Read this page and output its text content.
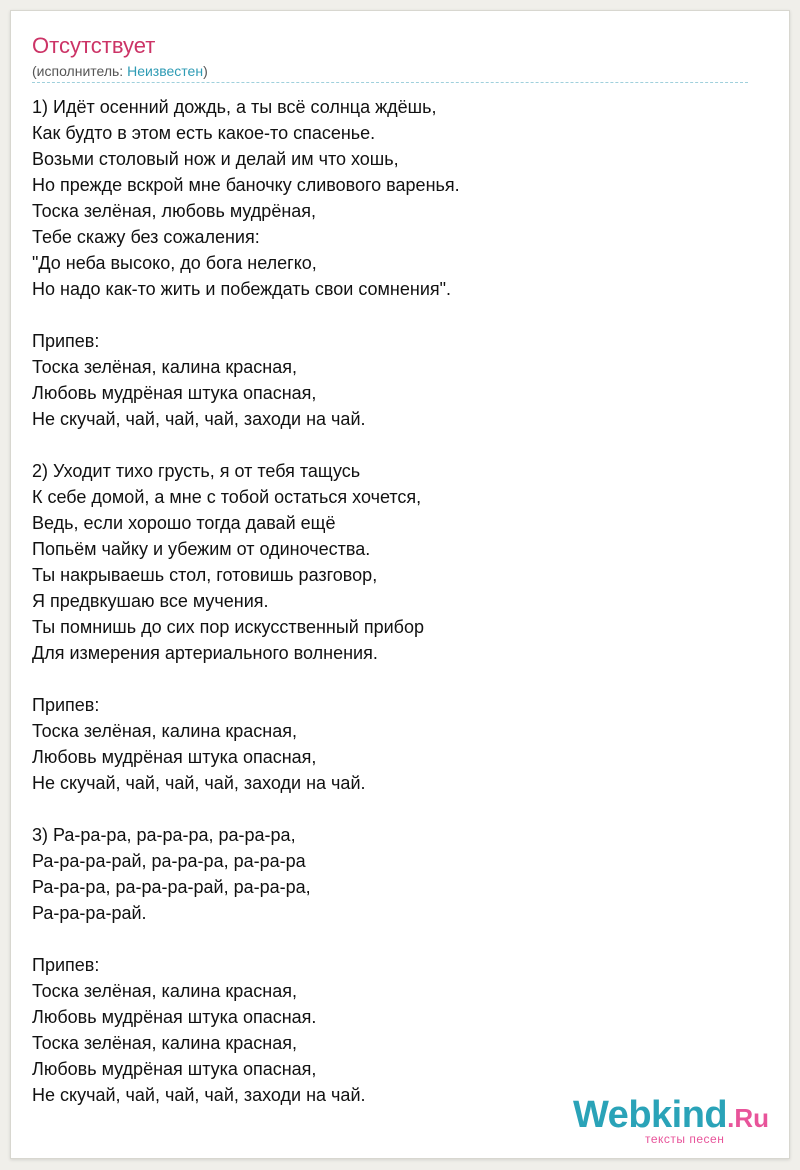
Отсутствует
(исполнитель: Неизвестен)
1) Идёт осенний дождь, а ты всё солнца ждёшь,
Как будто в этом есть какое-то спасенье.
Возьми столовый нож и делай им что хошь,
Но прежде вскрой мне баночку сливового варенья.
Тоска зелёная, любовь мудрёная,
Тебе скажу без сожаления:
"До неба высоко, до бога нелегко,
Но надо как-то жить и побеждать свои сомнения".
Припев:
Тоска зелёная, калина красная,
Любовь мудрёная штука опасная,
Не скучай, чай, чай, чай, заходи на чай.
2) Уходит тихо грусть, я от тебя тащусь
К себе домой, а мне с тобой остаться хочется,
Ведь, если хорошо тогда давай ещё
Попьём чайку и убежим от одиночества.
Ты накрываешь стол, готовишь разговор,
Я предвкушаю все мучения.
Ты помнишь до сих пор искусственный прибор
Для измерения артериального волнения.
Припев:
Тоска зелёная, калина красная,
Любовь мудрёная штука опасная,
Не скучай, чай, чай, чай, заходи на чай.
3) Ра-ра-ра, ра-ра-ра, ра-ра-ра,
Ра-ра-ра-рай, ра-ра-ра, ра-ра-ра
Ра-ра-ра, ра-ра-ра-рай, ра-ра-ра,
Ра-ра-ра-рай.
Припев:
Тоска зелёная, калина красная,
Любовь мудрёная штука опасная.
Тоска зелёная, калина красная,
Любовь мудрёная штука опасная,
Не скучай, чай, чай, чай, заходи на чай.	Webkind.Ru
тексты песен
